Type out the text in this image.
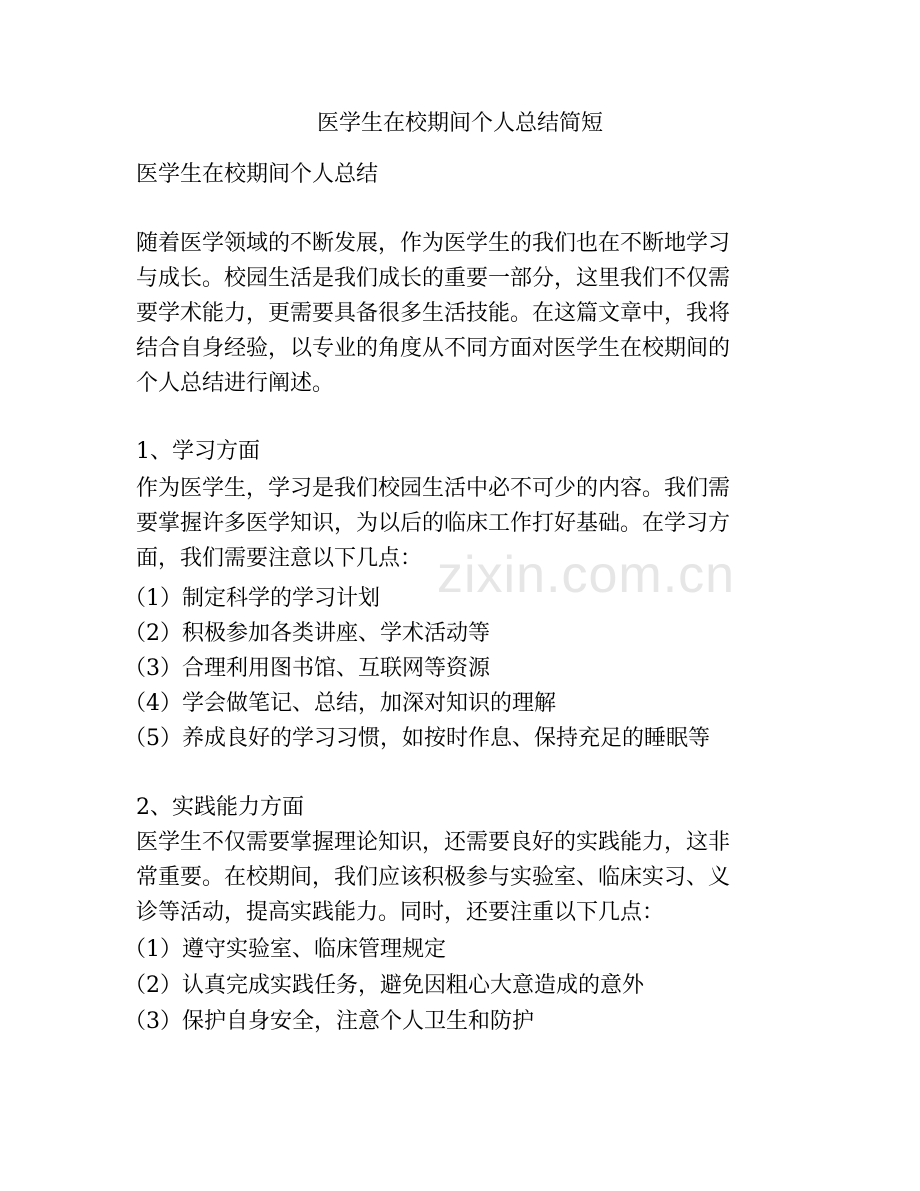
医学生在校期间个人总结简短
医学生在校期间个人总结
随着医学领域的不断发展，作为医学生的我们也在不断地学习
与成长。校园生活是我们成长的重要一部分，这里我们不仅需
要学术能力，更需要具备很多生活技能。在这篇文章中，我将
结合自身经验，以专业的角度从不同方面对医学生在校期间的
个人总结进行阐述。
1、学习方面
作为医学生，学习是我们校园生活中必不可少的内容。我们需
要掌握许多医学知识，为以后的临床工作打好基础。在学习方
面，我们需要注意以下几点：
（1）制定科学的学习计划
（2）积极参加各类讲座、学术活动等
（3）合理利用图书馆、互联网等资源
（4）学会做笔记、总结，加深对知识的理解
（5）养成良好的学习习惯，如按时作息、保持充足的睡眠等
2、实践能力方面
医学生不仅需要掌握理论知识，还需要良好的实践能力，这非
常重要。在校期间，我们应该积极参与实验室、临床实习、义
诊等活动，提高实践能力。同时，还要注重以下几点：
（1）遵守实验室、临床管理规定
（2）认真完成实践任务，避免因粗心大意造成的意外
（3）保护自身安全，注意个人卫生和防护
zixin.com.cn
